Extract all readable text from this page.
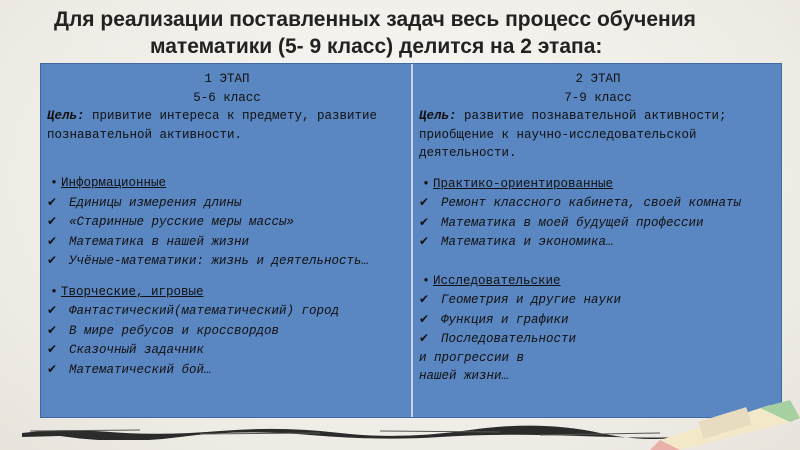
Для реализации поставленных задач весь процесс обучения
математики (5- 9 класс) делится на 2 этапа:
1 ЭТАП
5-6 класс
Цель: привитие интереса к предмету, развитие познавательной активности.
• Информационные
✔ Единицы измерения длины
✔ «Старинные русские меры массы»
✔ Математика в нашей жизни
✔ Учёные-математики: жизнь и деятельность…
• Творческие, игровые
✔ Фантастический(математический) город
✔ В мире ребусов и кроссвордов
✔ Сказочный задачник
✔ Математический бой…
2 ЭТАП
7-9 класс
Цель: развитие познавательной активности; приобщение к научно-исследовательской деятельности.
• Практико-ориентированные
✔ Ремонт классного кабинета, своей комнаты
✔ Математика в моей будущей профессии
✔ Математика и экономика…
• Исследовательские
✔ Геометрия и другие науки
✔ Функция и графики
✔ Последовательности
и прогрессии в
нашей жизни…
